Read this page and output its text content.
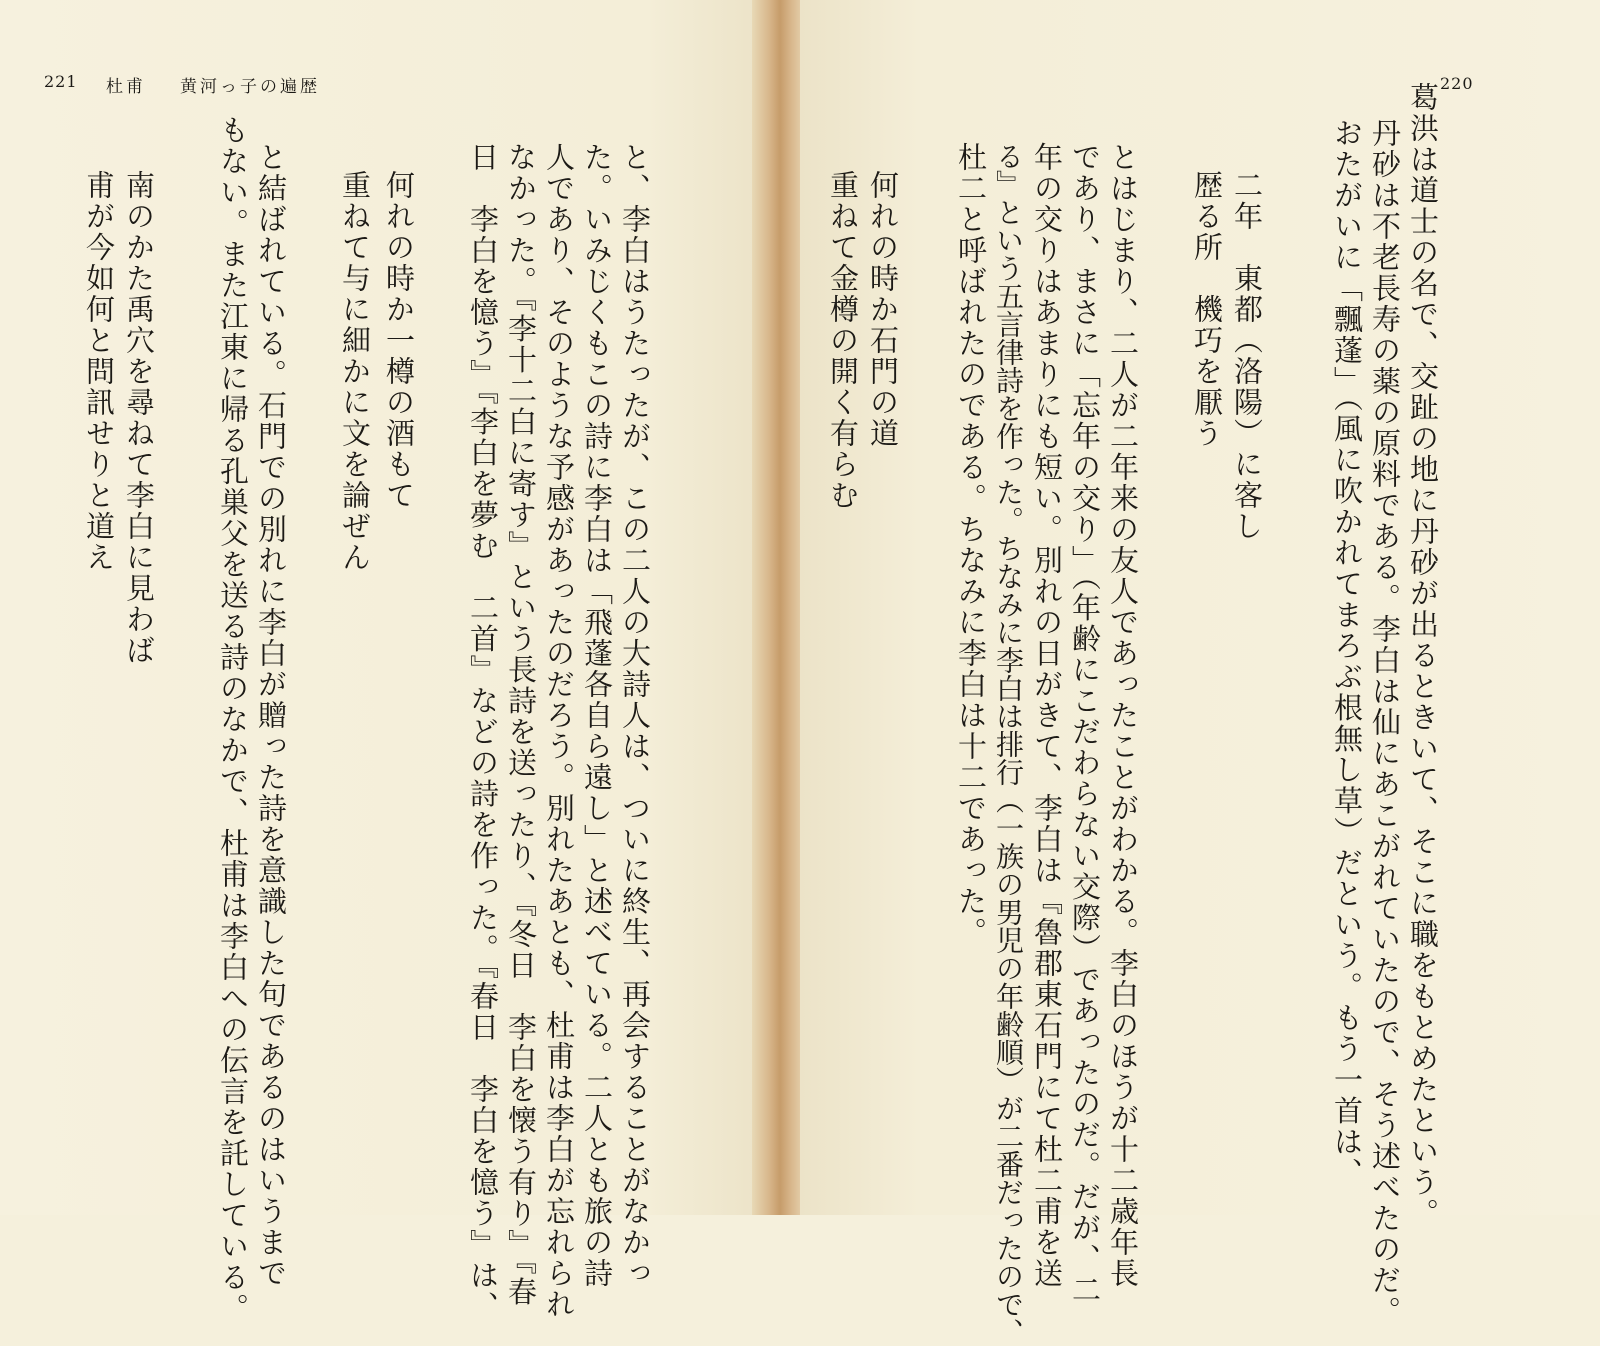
221 杜甫 黄河っ子の遍歴
と、李白はうたったが、この二人の大詩人は、ついに終生、再会することがなかっ
た。いみじくもこの詩に李白は「飛蓬各自ら遠し」と述べている。二人とも旅の詩
人であり、そのような予感があったのだろう。別れたあとも、杜甫は李白が忘れられ
なかった。『李十二白に寄す』という長詩を送ったり、『冬日　李白を懐う有り』『春
日　李白を憶う』『李白を夢む　二首』などの詩を作った。『春日　李白を憶う』は、
何れの時か一樽の酒もて
重ねて与に細かに文を論ぜん
と結ばれている。石門での別れに李白が贈った詩を意識した句であるのはいうまで
もない。また江東に帰る孔巣父を送る詩のなかで、杜甫は李白への伝言を託している。
南のかた禹穴を尋ねて李白に見わば
甫が今如何と問訊せりと道え

220
葛洪は道士の名で、交趾の地に丹砂が出るときいて、そこに職をもとめたという。
丹砂は不老長寿の薬の原料である。李白は仙にあこがれていたので、そう述べたのだ。
おたがいに「飄蓬」（風に吹かれてまろぶ根無し草）だという。もう一首は、
二年　東都（洛陽）に客し
歴る所　機巧を厭う
とはじまり、二人が二年来の友人であったことがわかる。李白のほうが十二歳年長
であり、まさに「忘年の交り」（年齢にこだわらない交際）であったのだ。だが、二
年の交りはあまりにも短い。別れの日がきて、李白は『魯郡東石門にて杜二甫を送
る』という五言律詩を作った。ちなみに李白は排行（一族の男児の年齢順）が二番だったので、
杜二と呼ばれたのである。ちなみに李白は十二であった。
何れの時か石門の道
重ねて金樽の開く有らむ
